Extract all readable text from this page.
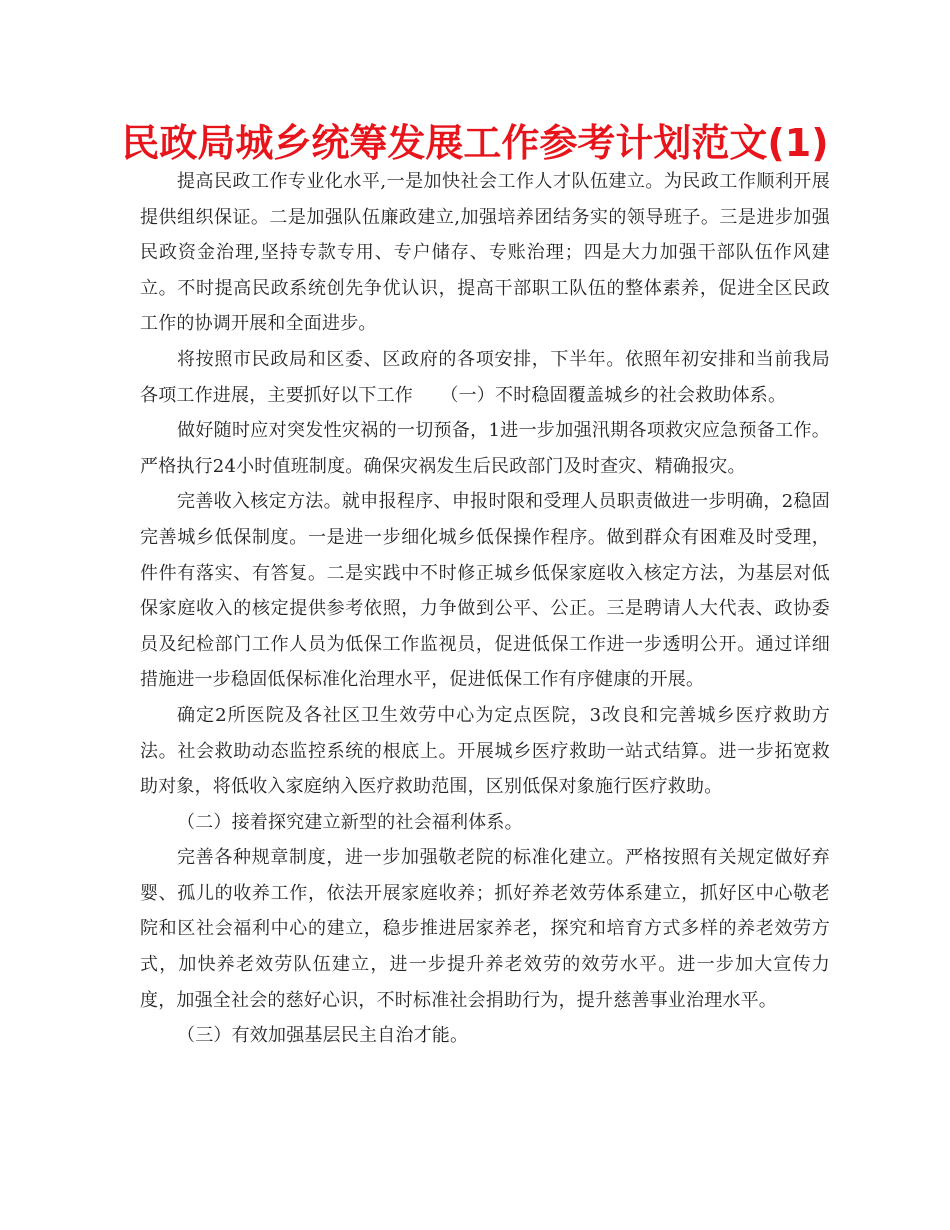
民政局城乡统筹发展工作参考计划范文(1)

提高民政工作专业化水平,一是加快社会工作人才队伍建立。为民政工作顺利开展提供组织保证。二是加强队伍廉政建立,加强培养团结务实的领导班子。三是进步加强民政资金治理,坚持专款专用、专户储存、专账治理；四是大力加强干部队伍作风建立。不时提高民政系统创先争优认识，提高干部职工队伍的整体素养，促进全区民政工作的协调开展和全面进步。

将按照市民政局和区委、区政府的各项安排，下半年。依照年初安排和当前我局各项工作进展，主要抓好以下工作　　（一）不时稳固覆盖城乡的社会救助体系。

做好随时应对突发性灾祸的一切预备，1进一步加强汛期各项救灾应急预备工作。严格执行24小时值班制度。确保灾祸发生后民政部门及时查灾、精确报灾。

完善收入核定方法。就申报程序、申报时限和受理人员职责做进一步明确，2稳固完善城乡低保制度。一是进一步细化城乡低保操作程序。做到群众有困难及时受理，件件有落实、有答复。二是实践中不时修正城乡低保家庭收入核定方法，为基层对低保家庭收入的核定提供参考依照，力争做到公平、公正。三是聘请人大代表、政协委员及纪检部门工作人员为低保工作监视员，促进低保工作进一步透明公开。通过详细措施进一步稳固低保标准化治理水平，促进低保工作有序健康的开展。

确定2所医院及各社区卫生效劳中心为定点医院，3改良和完善城乡医疗救助方法。社会救助动态监控系统的根底上。开展城乡医疗救助一站式结算。进一步拓宽救助对象，将低收入家庭纳入医疗救助范围，区别低保对象施行医疗救助。

（二）接着探究建立新型的社会福利体系。

完善各种规章制度，进一步加强敬老院的标准化建立。严格按照有关规定做好弃婴、孤儿的收养工作，依法开展家庭收养；抓好养老效劳体系建立，抓好区中心敬老院和区社会福利中心的建立，稳步推进居家养老，探究和培育方式多样的养老效劳方式，加快养老效劳队伍建立，进一步提升养老效劳的效劳水平。进一步加大宣传力度，加强全社会的慈好心识，不时标准社会捐助行为，提升慈善事业治理水平。

（三）有效加强基层民主自治才能。
